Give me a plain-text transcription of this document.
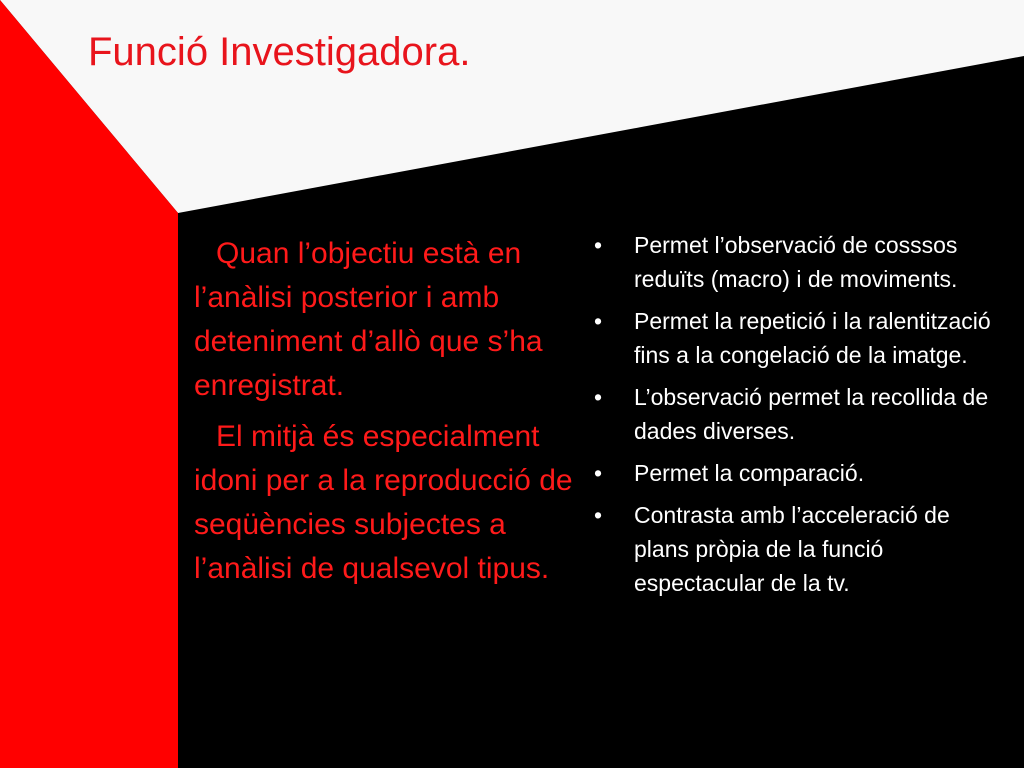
Funció Investigadora.

Quan l’objectiu està en l’anàlisi posterior i amb deteniment d’allò que s’ha enregistrat.

El mitjà és especialment idoni per a la reproducció de seqüències subjectes a l’anàlisi de qualsevol tipus.

• Permet l’observació de cosssos reduïts (macro) i de moviments.
• Permet la repetició i la ralentització fins a la congelació de la imatge.
• L’observació permet la recollida de dades diverses.
• Permet la comparació.
• Contrasta amb l’acceleració de plans pròpia de la funció espectacular de la tv.
